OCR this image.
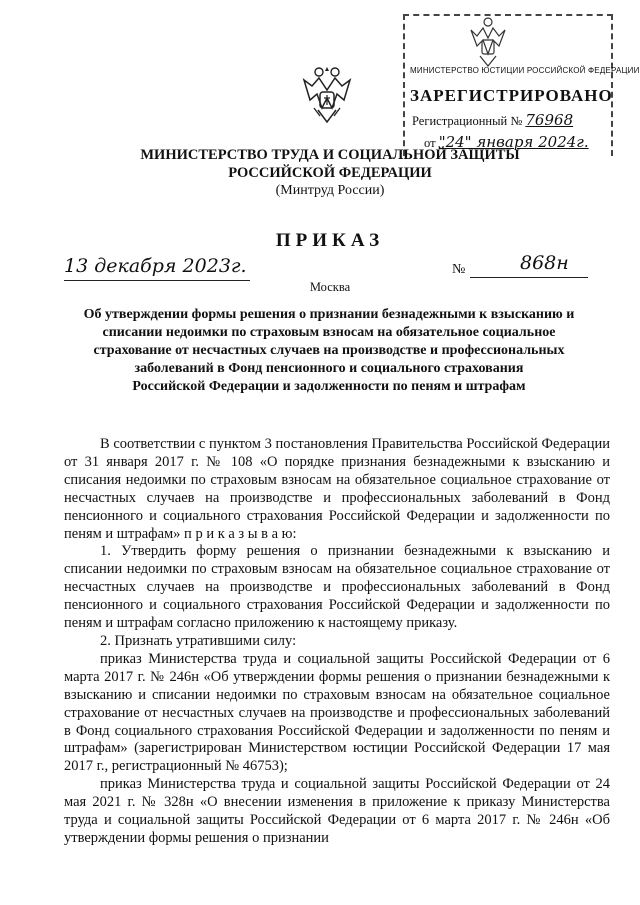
МИНИСТЕРСТВО ЮСТИЦИИ РОССИЙСКОЙ ФЕДЕРАЦИИ
ЗАРЕГИСТРИРОВАНО
Регистрационный № 76968
от "24" января 2024г.
МИНИСТЕРСТВО ТРУДА И СОЦИАЛЬНОЙ ЗАЩИТЫ
РОССИЙСКОЙ ФЕДЕРАЦИИ
(Минтруд России)
ПРИКАЗ
13 декабря 2023г.
Москва
№	868н
Об утверждении формы решения о признании безнадежными к взысканию и
списании недоимки по страховым взносам на обязательное социальное
страхование от несчастных случаев на производстве и профессиональных
заболеваний в Фонд пенсионного и социального страхования
Российской Федерации и задолженности по пеням и штрафам

В соответствии с пунктом 3 постановления Правительства Российской Федерации от 31 января 2017 г. № 108 «О порядке признания безнадежными к взысканию и списания недоимки по страховым взносам на обязательное социальное страхование от несчастных случаев на производстве и профессиональных заболеваний в Фонд пенсионного и социального страхования Российской Федерации и задолженности по пеням и штрафам» п р и к а з ы в а ю:

1. Утвердить форму решения о признании безнадежными к взысканию и списании недоимки по страховым взносам на обязательное социальное страхование от несчастных случаев на производстве и профессиональных заболеваний в Фонд пенсионного и социального страхования Российской Федерации и задолженности по пеням и штрафам согласно приложению к настоящему приказу.

2. Признать утратившими силу:

приказ Министерства труда и социальной защиты Российской Федерации от 6 марта 2017 г. № 246н «Об утверждении формы решения о признании безнадежными к взысканию и списании недоимки по страховым взносам на обязательное социальное страхование от несчастных случаев на производстве и профессиональных заболеваний в Фонд социального страхования Российской Федерации и задолженности по пеням и штрафам» (зарегистрирован Министерством юстиции Российской Федерации 17 мая 2017 г., регистрационный № 46753);

приказ Министерства труда и социальной защиты Российской Федерации от 24 мая 2021 г. № 328н «О внесении изменения в приложение к приказу Министерства труда и социальной защиты Российской Федерации от 6 марта 2017 г. № 246н «Об утверждении формы решения о признании
